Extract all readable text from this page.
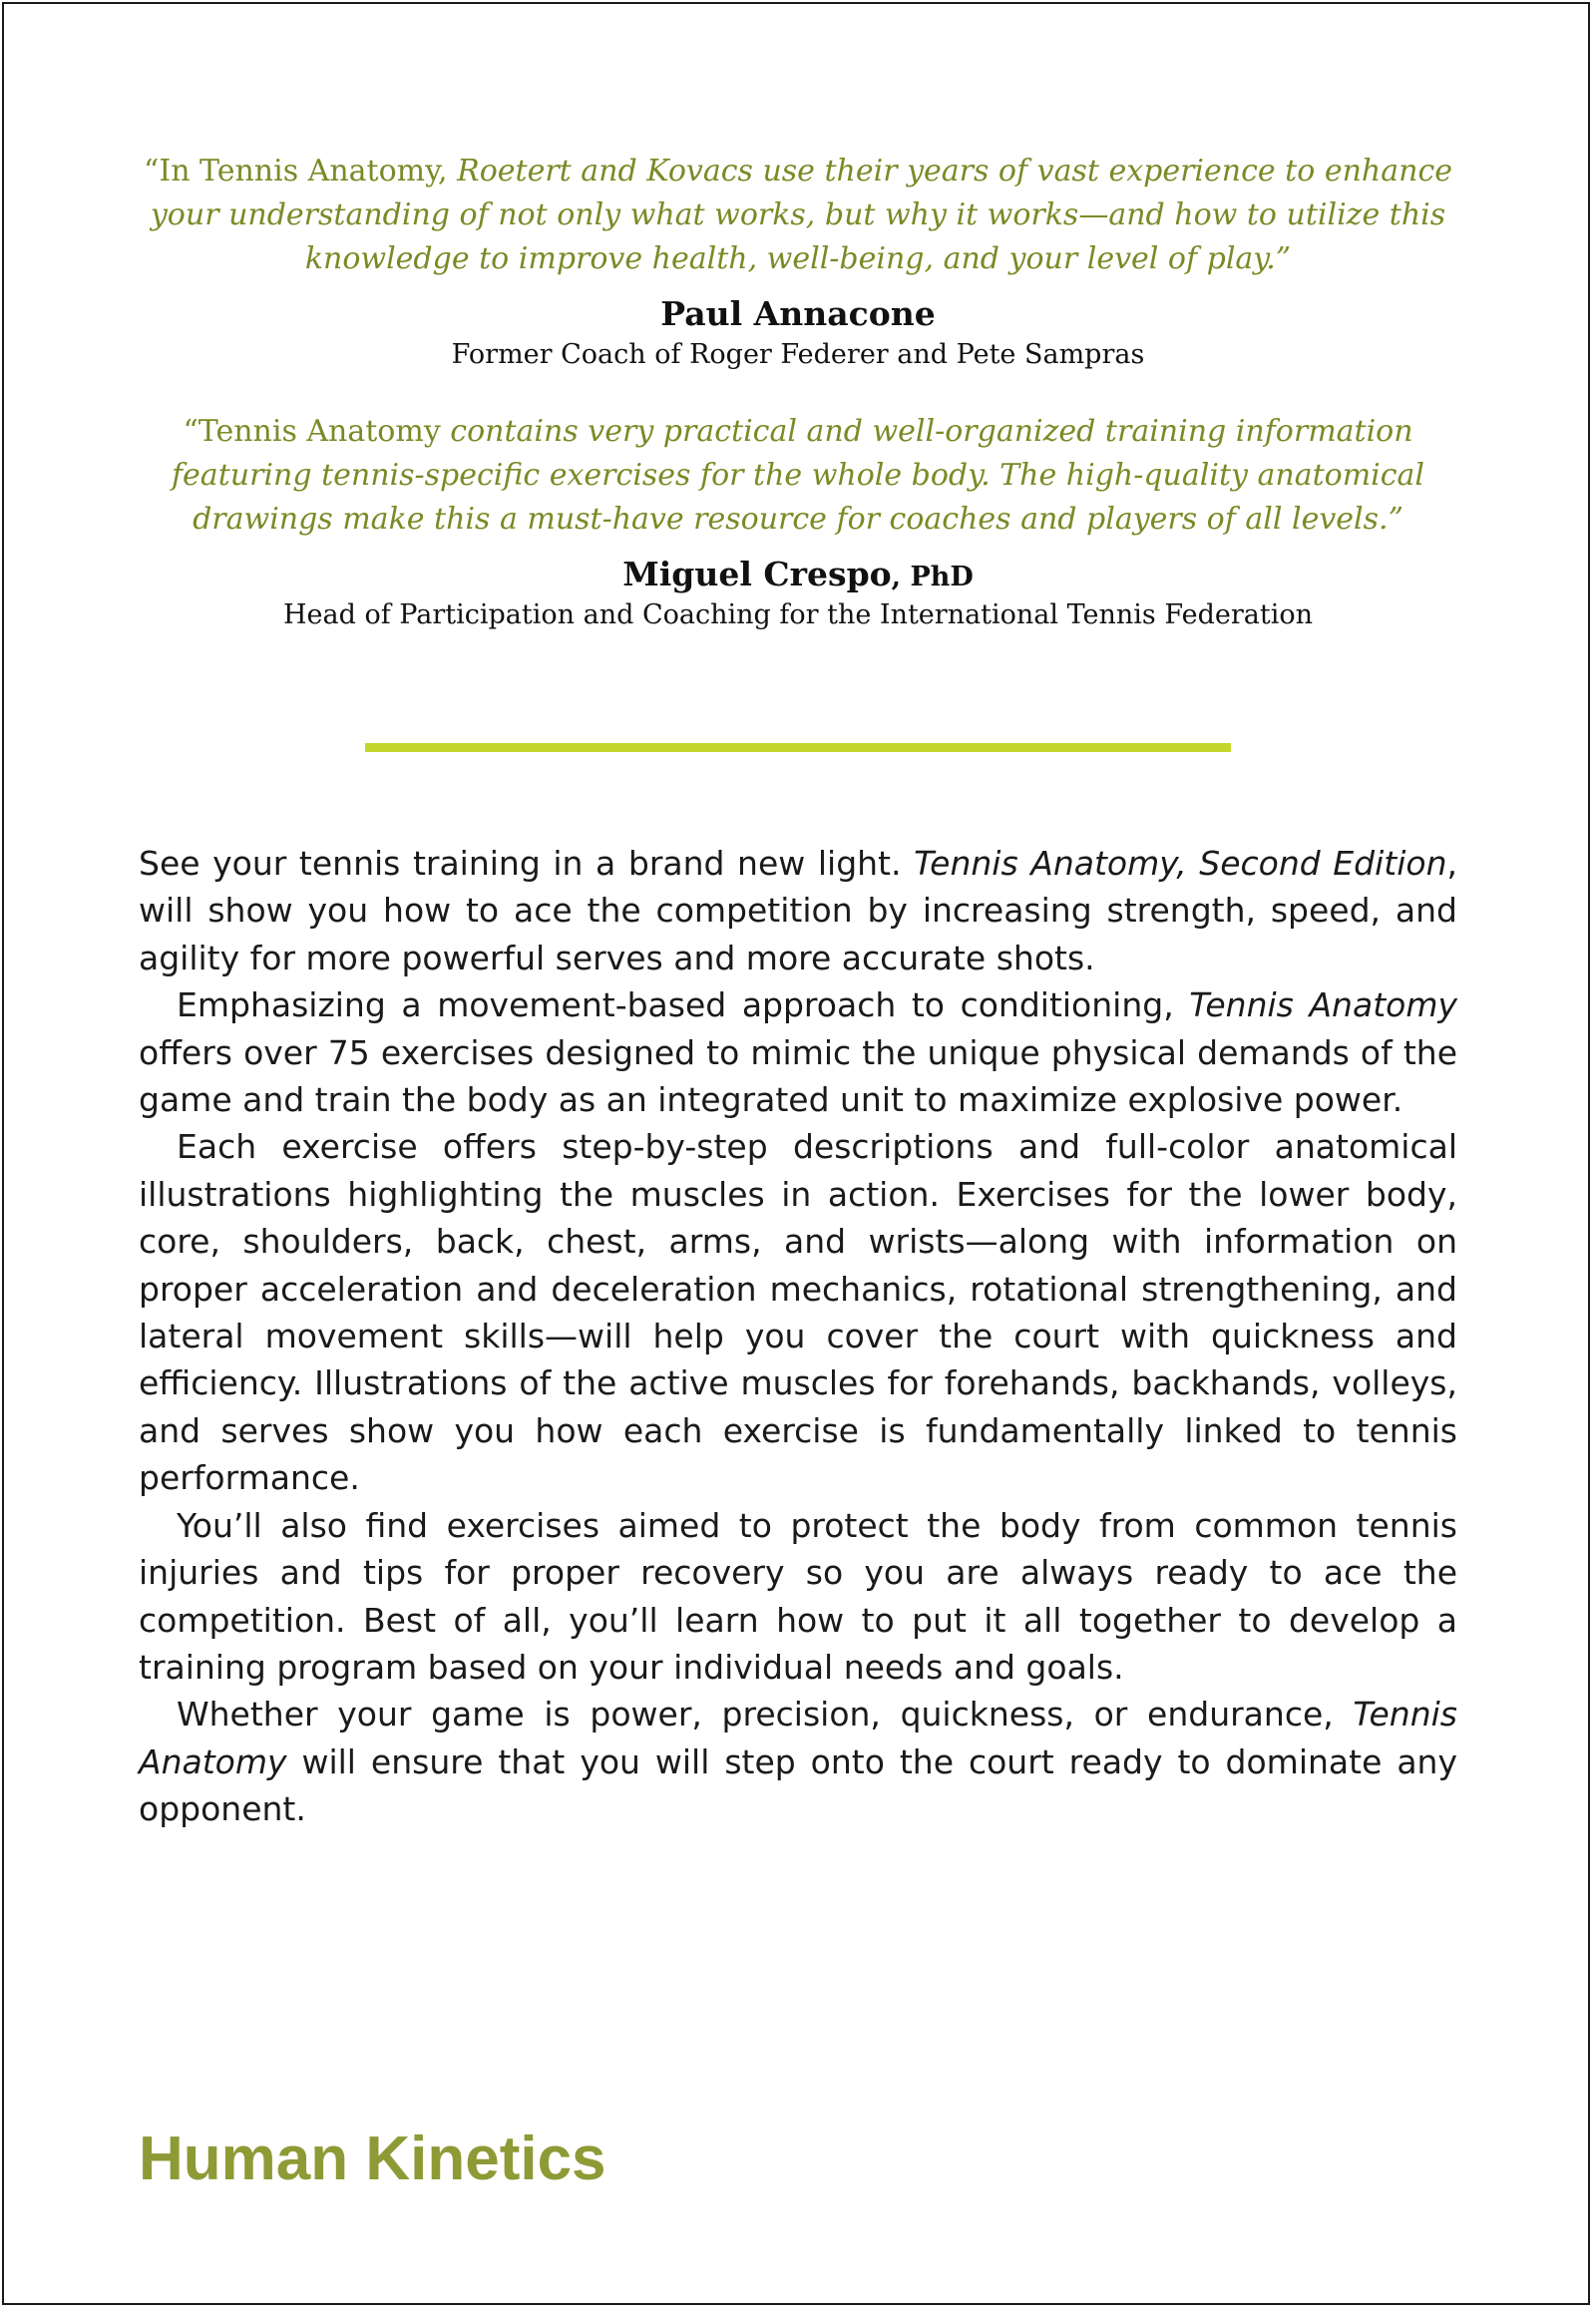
“In Tennis Anatomy, Roetert and Kovacs use their years of vast experience to enhance your understanding of not only what works, but why it works—and how to utilize this knowledge to improve health, well-being, and your level of play.”

Paul Annacone
Former Coach of Roger Federer and Pete Sampras

“Tennis Anatomy contains very practical and well-organized training information featuring tennis-specific exercises for the whole body. The high-quality anatomical drawings make this a must-have resource for coaches and players of all levels.”

Miguel Crespo, PhD
Head of Participation and Coaching for the International Tennis Federation

See your tennis training in a brand new light. Tennis Anatomy, Second Edition, will show you how to ace the competition by increasing strength, speed, and agility for more powerful serves and more accurate shots.

Emphasizing a movement-based approach to conditioning, Tennis Anatomy offers over 75 exercises designed to mimic the unique physical demands of the game and train the body as an integrated unit to maximize explosive power.

Each exercise offers step-by-step descriptions and full-color anatomical illustrations highlighting the muscles in action. Exercises for the lower body, core, shoulders, back, chest, arms, and wrists—along with information on proper acceleration and deceleration mechanics, rotational strengthening, and lateral movement skills—will help you cover the court with quickness and efficiency. Illustrations of the active muscles for forehands, backhands, volleys, and serves show you how each exercise is fundamentally linked to tennis performance.

You’ll also find exercises aimed to protect the body from common tennis injuries and tips for proper recovery so you are always ready to ace the competition. Best of all, you’ll learn how to put it all together to develop a training program based on your individual needs and goals.

Whether your game is power, precision, quickness, or endurance, Tennis Anatomy will ensure that you will step onto the court ready to dominate any opponent.

Human Kinetics
